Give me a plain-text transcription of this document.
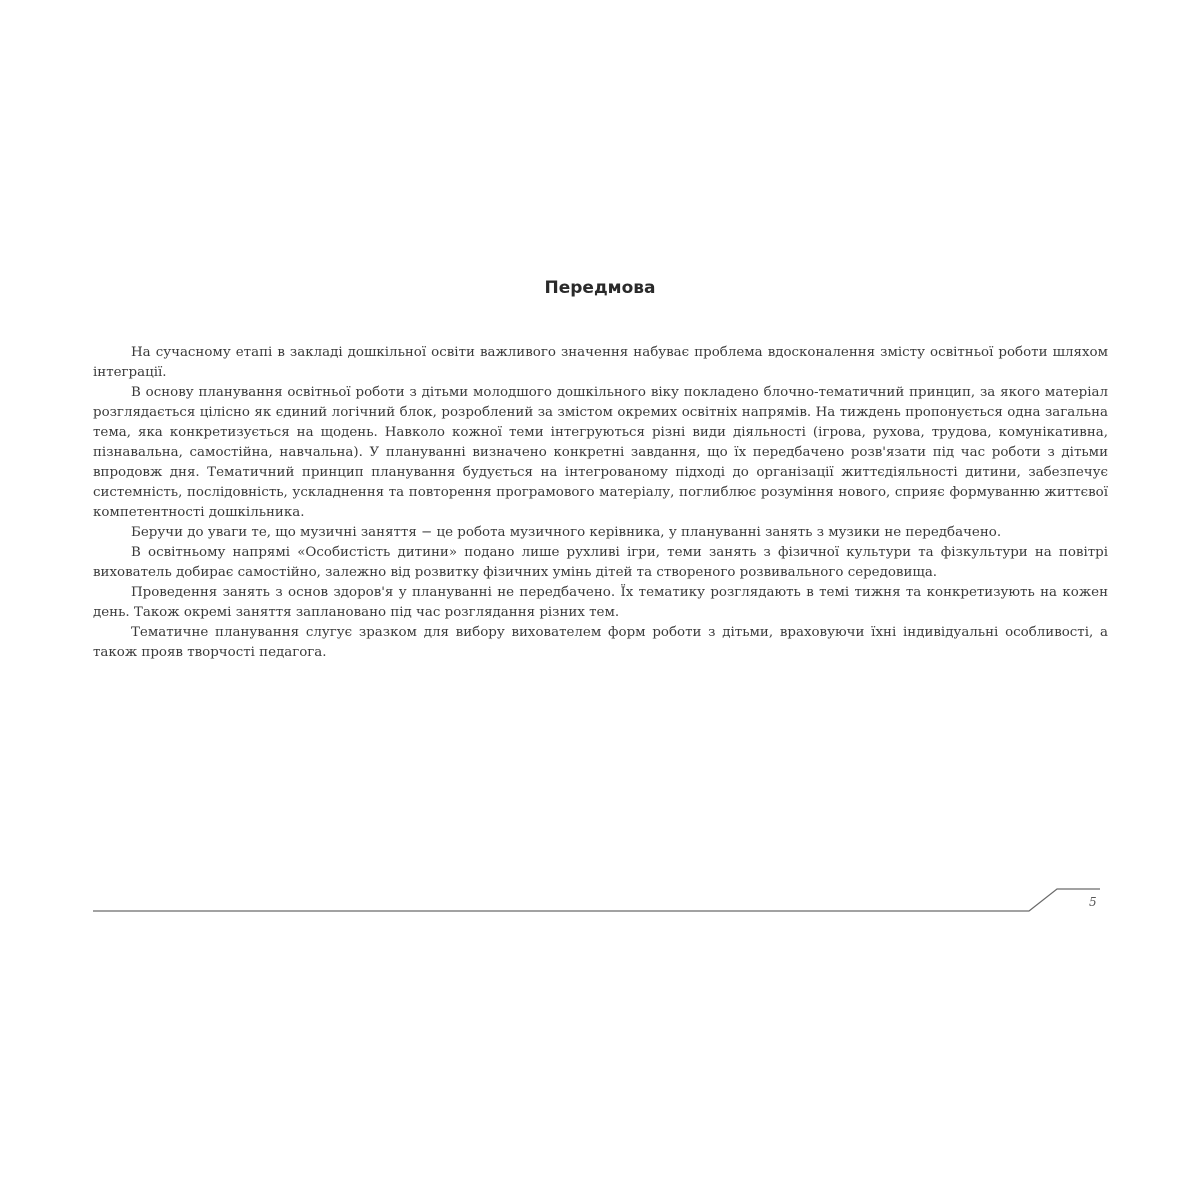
Передмова

На сучасному етапі в закладі дошкільної освіти важливого значення набуває проблема вдосконалення змісту освітньої роботи шляхом інтеграції.

В основу планування освітньої роботи з дітьми молодшого дошкільного віку покладено блочно-тематичний принцип, за якого матеріал розглядається цілісно як єдиний логічний блок, розроблений за змістом окремих освітніх напрямів. На тиждень пропонується одна загальна тема, яка конкретизується на щодень. Навколо кожної теми інтегруються різні види діяльності (ігрова, рухова, трудова, комунікативна, пізнавальна, самостійна, навчальна). У плануванні визначено конкретні завдання, що їх передбачено розв'язати під час роботи з дітьми впродовж дня. Тематичний принцип планування будується на інтегрованому підході до організації життєдіяльності дитини, забезпечує системність, послідовність, ускладнення та повторення програмового матеріалу, поглиблює розуміння нового, сприяє формуванню життєвої компетентності дошкільника.

Беручи до уваги те, що музичні заняття − це робота музичного керівника, у плануванні занять з музики не передбачено.

В освітньому напрямі «Особистість дитини» подано лише рухливі ігри, теми занять з фізичної культури та фізкультури на повітрі вихователь добирає самостійно, залежно від розвитку фізичних умінь дітей та створеного розвивального середовища.

Проведення занять з основ здоров'я у плануванні не передбачено. Їх тематику розглядають в темі тижня та конкретизують на кожен день. Також окремі заняття заплановано під час розглядання різних тем.

Тематичне планування слугує зразком для вибору вихователем форм роботи з дітьми, враховуючи їхні індивідуальні особливості, а також прояв творчості педагога.

5
